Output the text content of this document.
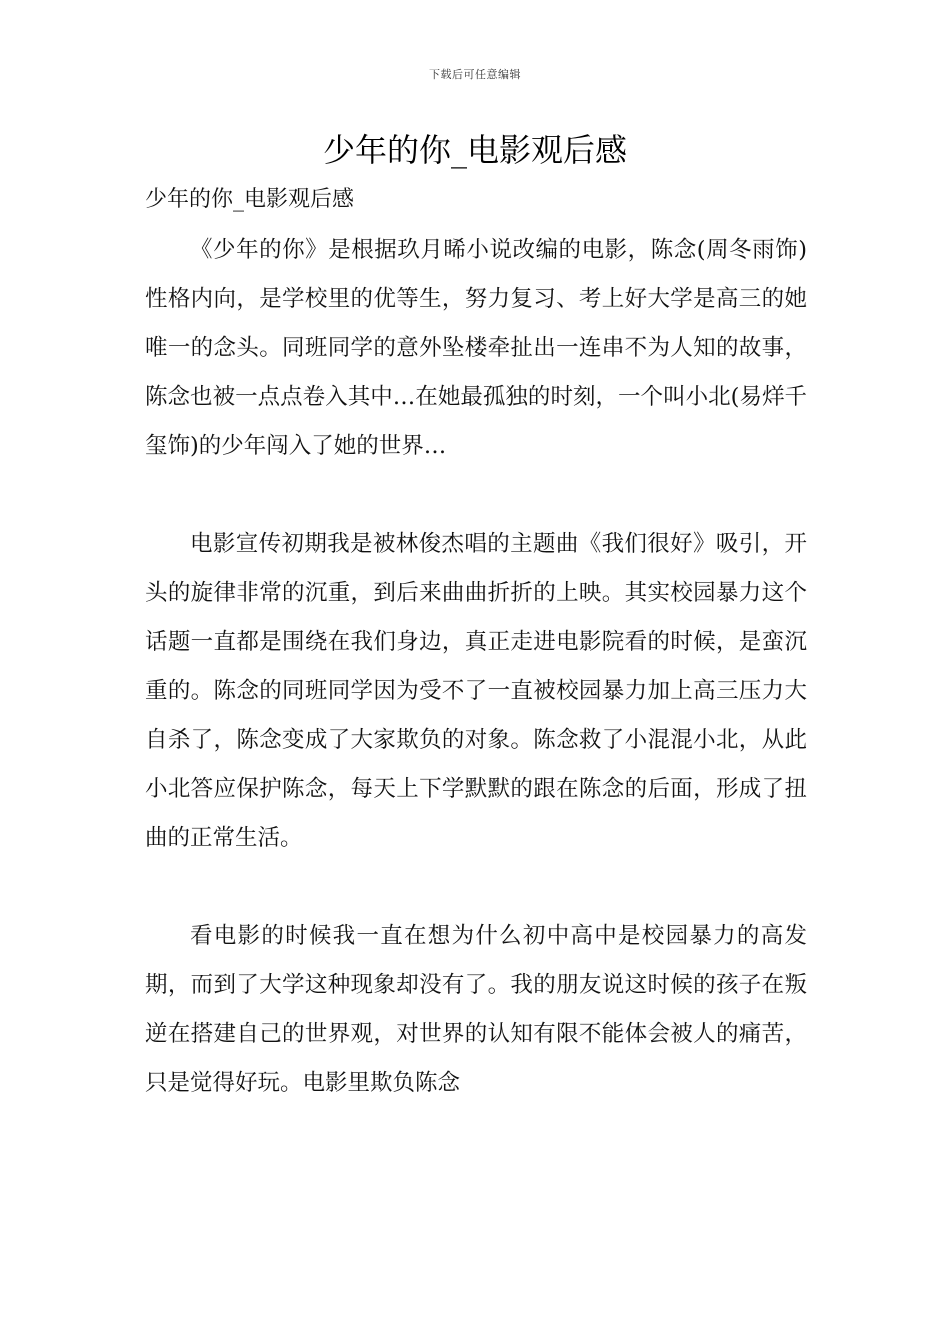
下载后可任意编辑
少年的你_电影观后感
少年的你_电影观后感

《少年的你》是根据玖月晞小说改编的电影，陈念(周冬雨饰)性格内向，是学校里的优等生，努力复习、考上好大学是高三的她唯一的念头。同班同学的意外坠楼牵扯出一连串不为人知的故事，陈念也被一点点卷入其中…在她最孤独的时刻，一个叫小北(易烊千玺饰)的少年闯入了她的世界…

电影宣传初期我是被林俊杰唱的主题曲《我们很好》吸引，开头的旋律非常的沉重，到后来曲曲折折的上映。其实校园暴力这个话题一直都是围绕在我们身边，真正走进电影院看的时候，是蛮沉重的。陈念的同班同学因为受不了一直被校园暴力加上高三压力大自杀了，陈念变成了大家欺负的对象。陈念救了小混混小北，从此小北答应保护陈念，每天上下学默默的跟在陈念的后面，形成了扭曲的正常生活。

看电影的时候我一直在想为什么初中高中是校园暴力的高发期，而到了大学这种现象却没有了。我的朋友说这时候的孩子在叛逆在搭建自己的世界观，对世界的认知有限不能体会被人的痛苦，只是觉得好玩。电影里欺负陈念
